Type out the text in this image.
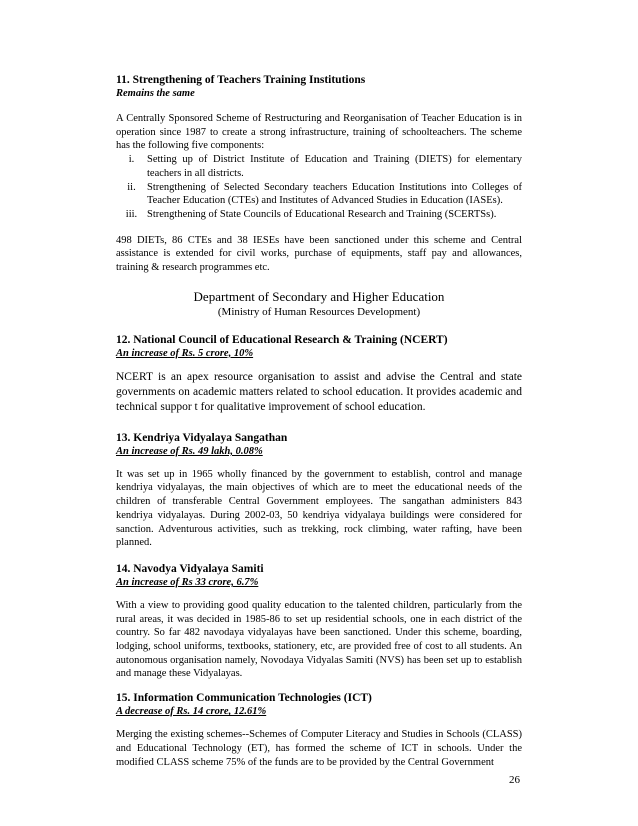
11. Strengthening of Teachers Training Institutions
Remains the same
A Centrally Sponsored Scheme of Restructuring and Reorganisation of Teacher Education is in operation since 1987 to create a strong infrastructure, training of schoolteachers. The scheme has the following five components:
i.	Setting up of District Institute of Education and Training (DIETS) for elementary teachers in all districts.
ii.	Strengthening of Selected Secondary teachers Education Institutions into Colleges of Teacher Education (CTEs) and Institutes of Advanced Studies in Education (IASEs).
iii. Strengthening of State Councils of Educational Research and Training (SCERTSs).
498 DIETs, 86 CTEs and 38 IESEs have been sanctioned under this scheme and Central assistance is extended for civil works, purchase of equipments, staff pay and allowances, training & research programmes etc.
Department of Secondary and Higher Education
(Ministry of Human Resources Development)
12. National Council of Educational Research & Training (NCERT)
An increase of Rs. 5 crore, 10%
NCERT is an apex resource organisation to assist and advise the Central and state governments on academic matters related to school education. It provides academic and technical suppor t for qualitative improvement of school education.
13. Kendriya Vidyalaya Sangathan
An increase of Rs. 49 lakh, 0.08%
It was set up in 1965 wholly financed by the government to establish, control and manage kendriya vidyalayas, the main objectives of which are to meet the educational needs of the children of transferable Central Government employees. The sangathan administers 843 kendriya vidyalayas. During 2002-03, 50 kendriya vidyalaya buildings were considered for sanction. Adventurous activities, such as trekking, rock climbing, water rafting, have been planned.
14. Navodya Vidyalaya Samiti
An increase of Rs 33 crore, 6.7%
With a view to providing good quality education to the talented children, particularly from the rural areas, it was decided in 1985-86 to set up residential schools, one in each district of the country. So far 482 navodaya vidyalayas have been sanctioned. Under this scheme, boarding, lodging, school uniforms, textbooks, stationery, etc, are provided free of cost to all students. An autonomous organisation namely, Novodaya Vidyalas Samiti (NVS) has been set up to establish and manage these Vidyalayas.
15. Information Communication Technologies (ICT)
A decrease of Rs. 14 crore, 12.61%
Merging the existing schemes--Schemes of Computer Literacy and Studies in Schools (CLASS) and Educational Technology (ET), has formed the scheme of ICT in schools. Under the modified CLASS scheme 75% of the funds are to be provided by the Central Government
26
